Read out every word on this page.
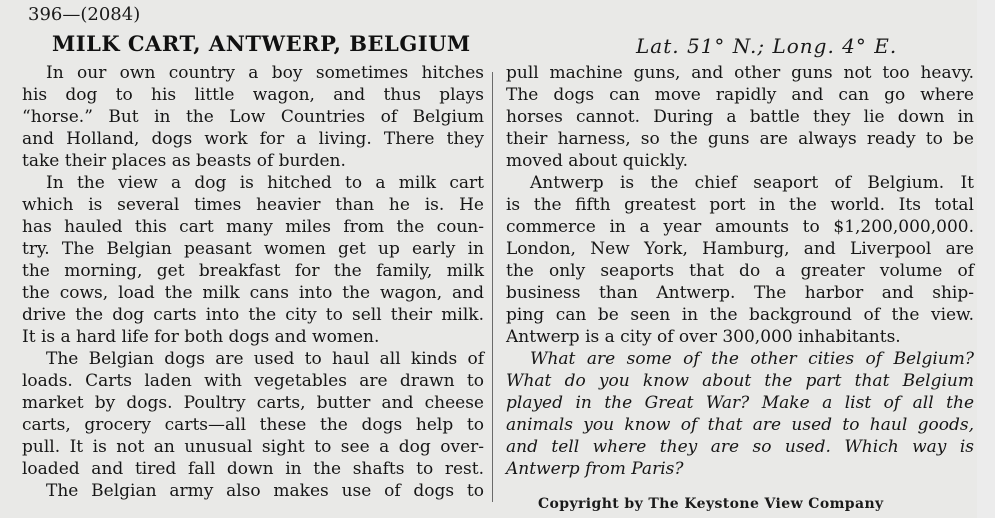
396—(2084)
MILK CART, ANTWERP, BELGIUM	Lat. 51° N.; Long. 4° E.
In our own country a boy sometimes hitches
his dog to his little wagon, and thus plays
“horse.” But in the Low Countries of Belgium
and Holland, dogs work for a living. There they
take their places as beasts of burden.
In the view a dog is hitched to a milk cart
which is several times heavier than he is. He
has hauled this cart many miles from the coun-
try. The Belgian peasant women get up early in
the morning, get breakfast for the family, milk
the cows, load the milk cans into the wagon, and
drive the dog carts into the city to sell their milk.
It is a hard life for both dogs and women.
The Belgian dogs are used to haul all kinds of
loads. Carts laden with vegetables are drawn to
market by dogs. Poultry carts, butter and cheese
carts, grocery carts—all these the dogs help to
pull. It is not an unusual sight to see a dog over-
loaded and tired fall down in the shafts to rest.
The Belgian army also makes use of dogs to
pull machine guns, and other guns not too heavy.
The dogs can move rapidly and can go where
horses cannot. During a battle they lie down in
their harness, so the guns are always ready to be
moved about quickly.
Antwerp is the chief seaport of Belgium. It
is the fifth greatest port in the world. Its total
commerce in a year amounts to $1,200,000,000.
London, New York, Hamburg, and Liverpool are
the only seaports that do a greater volume of
business than Antwerp. The harbor and ship-
ping can be seen in the background of the view.
Antwerp is a city of over 300,000 inhabitants.
What are some of the other cities of Belgium?
What do you know about the part that Belgium
played in the Great War? Make a list of all the
animals you know of that are used to haul goods,
and tell where they are so used. Which way is
Antwerp from Paris?
Copyright by The Keystone View Company
